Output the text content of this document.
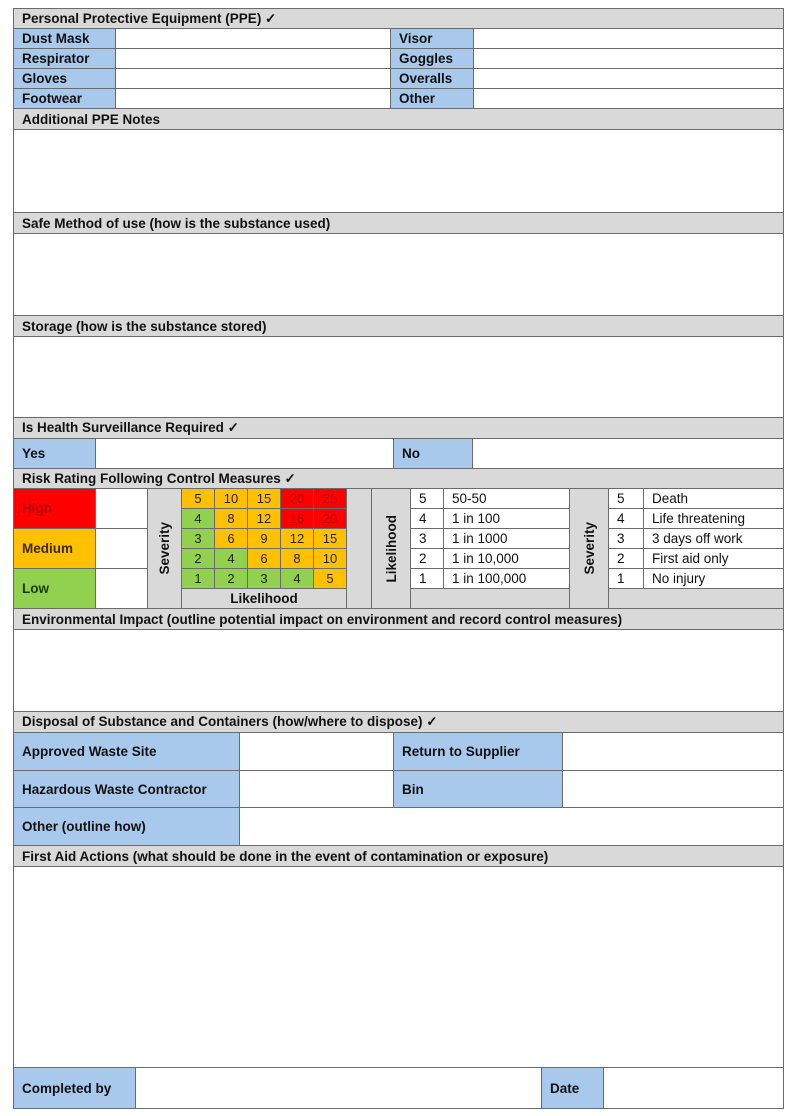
Personal Protective Equipment (PPE) ✓
Dust Mask	Visor
Respirator	Goggles
Gloves	Overalls
Footwear	Other
Additional PPE Notes
Safe Method of use (how is the substance used)
Storage (how is the substance stored)
Is Health Surveillance Required ✓
Yes	No
Risk Rating Following Control Measures ✓
High
Medium
Low
Severity
5	10	15	20	25
4	8	12	16	20
3	6	9	12	15
2	4	6	8	10
1	2	3	4	5
Likelihood
Likelihood
5	50-50
4	1 in 100
3	1 in 1000
2	1 in 10,000
1	1 in 100,000
Severity
5	Death
4	Life threatening
3	3 days off work
2	First aid only
1	No injury
Environmental Impact (outline potential impact on environment and record control measures)
Disposal of Substance and Containers (how/where to dispose) ✓
Approved Waste Site	Return to Supplier
Hazardous Waste Contractor	Bin
Other (outline how)
First Aid Actions (what should be done in the event of contamination or exposure)
Completed by	Date
